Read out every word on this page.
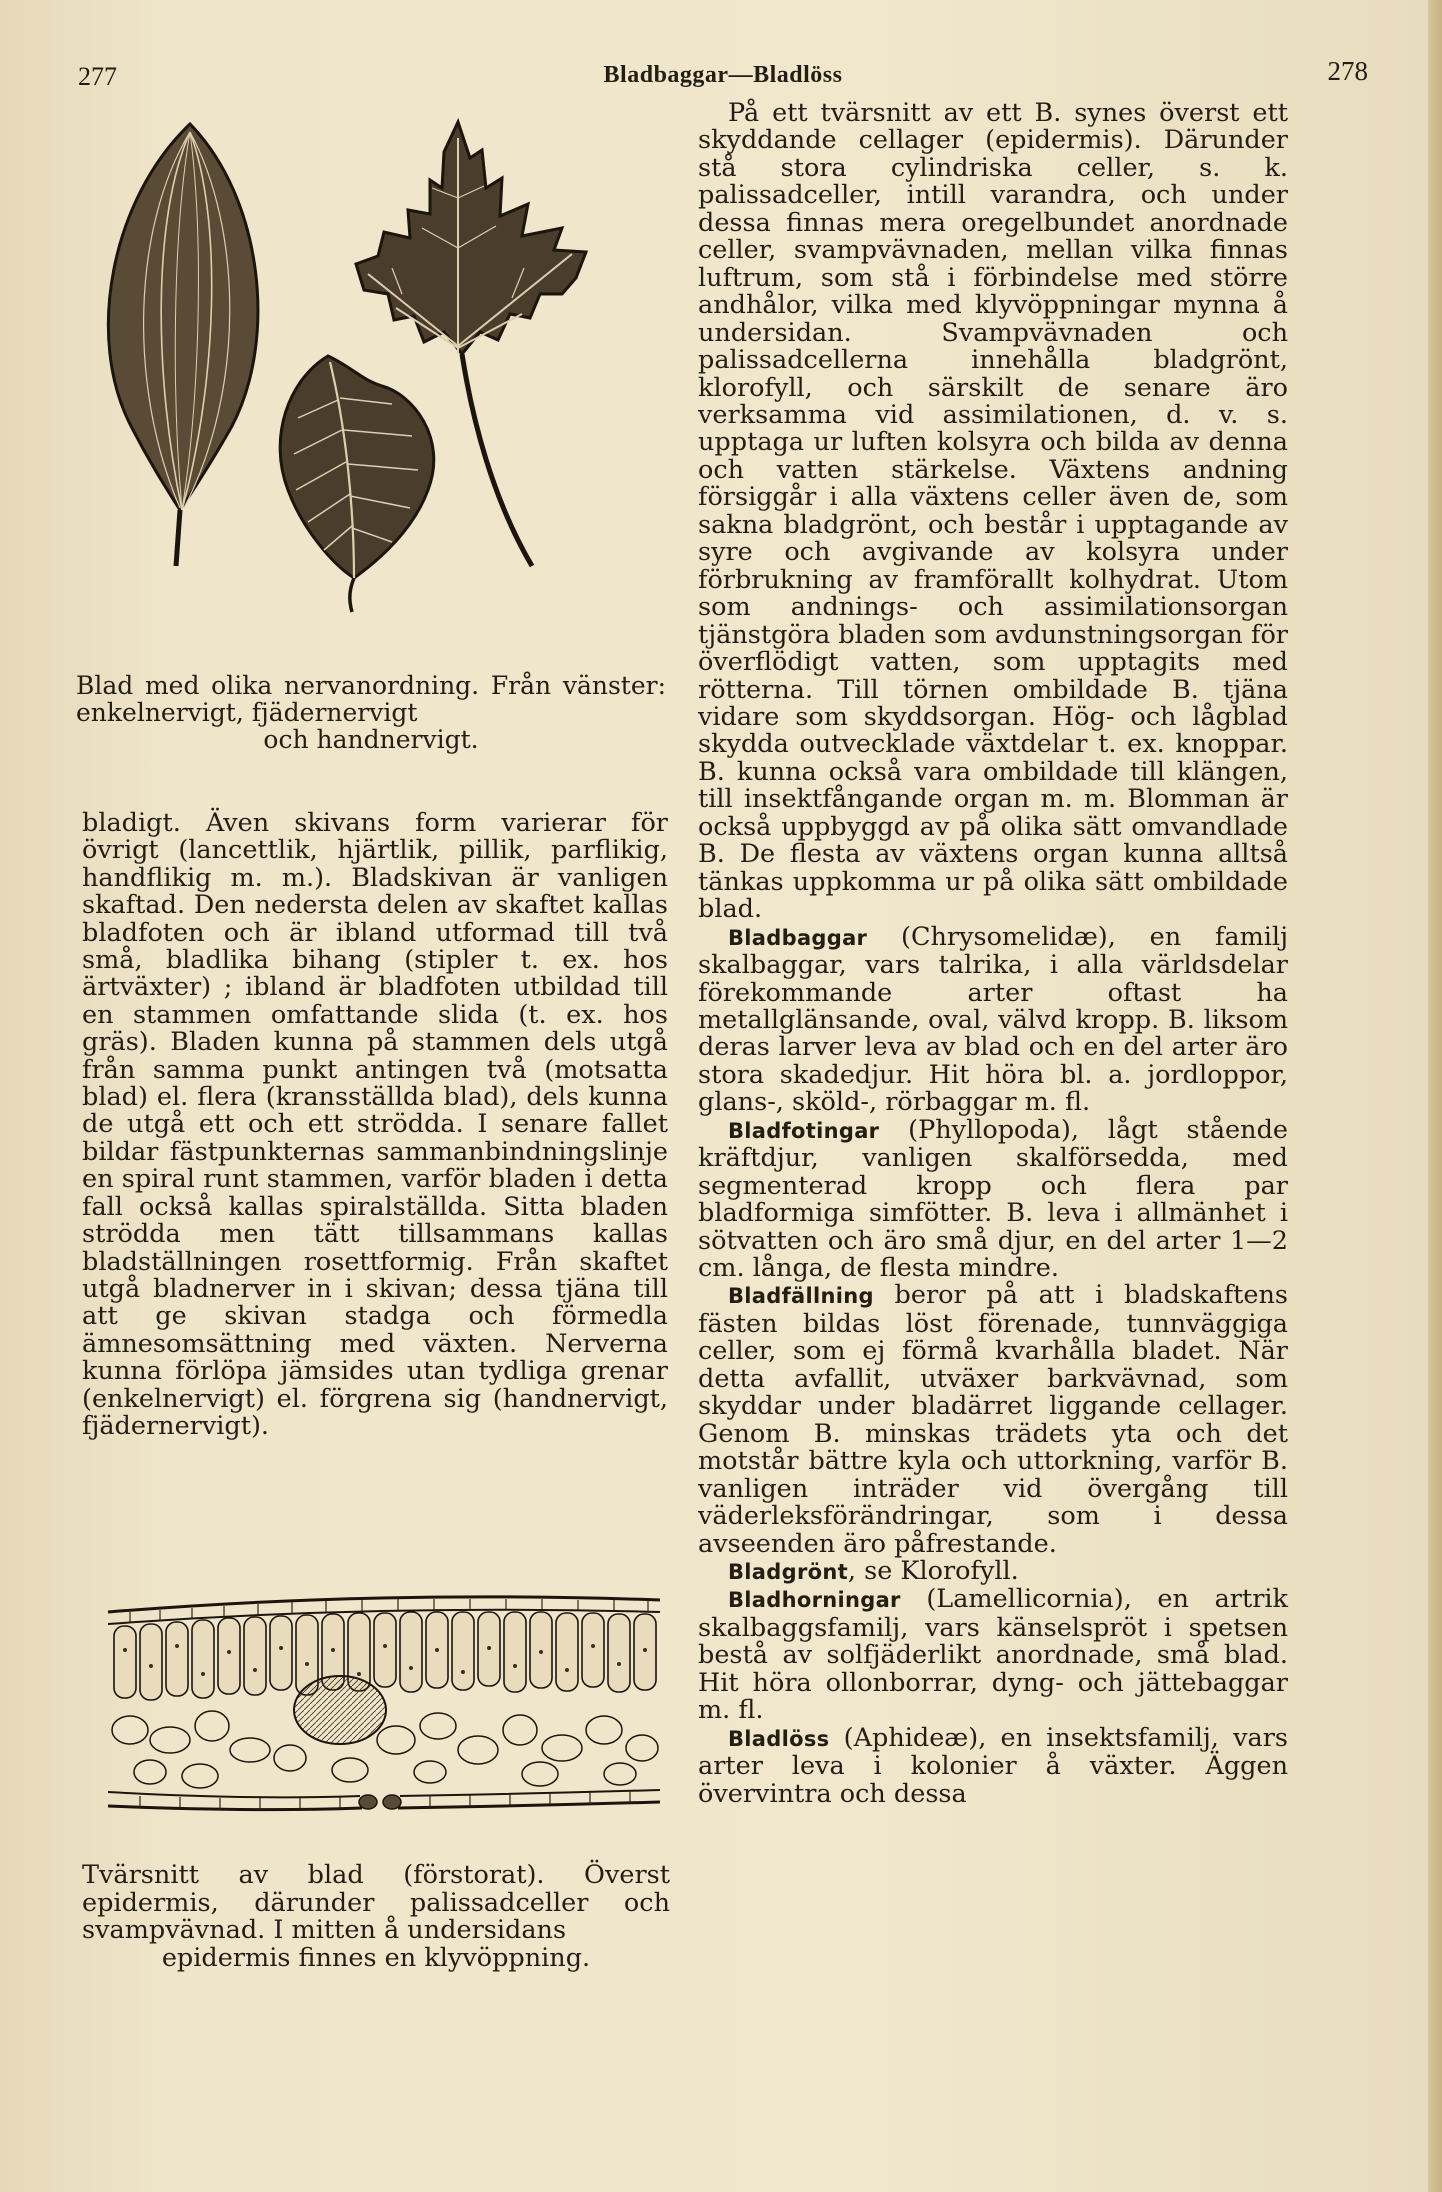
277	Bladbaggar—Bladlöss	278

Blad med olika nervanordning. Från vänster: enkelnervigt, fjädernervigt

och handnervigt.

bladigt. Även skivans form varierar för övrigt (lancettlik, hjärtlik, pillik, parflikig, handflikig m. m.). Bladskivan är vanligen skaftad. Den nedersta delen av skaftet kallas bladfoten och är ibland utformad till två små, bladlika bihang (stipler t. ex. hos ärtväxter) ; ibland är bladfoten utbildad till en stammen omfattande slida (t. ex. hos gräs). Bladen kunna på stammen dels utgå från samma punkt antingen två (motsatta blad) el. flera (kransställda blad), dels kunna de utgå ett och ett strödda. I senare fallet bildar fästpunkternas sammanbindningslinje en spiral runt stammen, varför bladen i detta fall också kallas spiralställda. Sitta bladen strödda men tätt tillsammans kallas bladställningen rosettformig. Från skaftet utgå bladnerver in i skivan; dessa tjäna till att ge skivan stadga och förmedla ämnesomsättning med växten. Nerverna kunna förlöpa jämsides utan tydliga grenar (enkelnervigt) el. förgrena sig (handnervigt, fjädernervigt).

Tvärsnitt av blad (förstorat). Överst epidermis, därunder palissadceller och svampvävnad. I mitten å undersidans

epidermis finnes en klyvöppning.

På ett tvärsnitt av ett B. synes överst ett skyddande cellager (epidermis). Därunder stå stora cylindriska celler, s. k. palissadceller, intill varandra, och under dessa finnas mera oregelbundet anordnade celler, svampvävnaden, mellan vilka finnas luftrum, som stå i förbindelse med större andhålor, vilka med klyvöppningar mynna å undersidan. Svampvävnaden och palissadcellerna innehålla bladgrönt, klorofyll, och särskilt de senare äro verksamma vid assimilationen, d. v. s. upptaga ur luften kolsyra och bilda av denna och vatten stärkelse. Växtens andning försiggår i alla växtens celler även de, som sakna bladgrönt, och består i upptagande av syre och avgivande av kolsyra under förbrukning av framförallt kolhydrat. Utom som andnings- och assimilationsorgan tjänstgöra bladen som avdunstningsorgan för överflödigt vatten, som upptagits med rötterna. Till törnen ombildade B. tjäna vidare som skyddsorgan. Hög- och lågblad skydda outvecklade växtdelar t. ex. knoppar. B. kunna också vara ombildade till klängen, till insektfångande organ m. m. Blomman är också uppbyggd av på olika sätt omvandlade B. De flesta av växtens organ kunna alltså tänkas uppkomma ur på olika sätt ombildade blad.

Bladbaggar (Chrysomelidæ), en familj skalbaggar, vars talrika, i alla världsdelar förekommande arter oftast ha metallglänsande, oval, välvd kropp. B. liksom deras larver leva av blad och en del arter äro stora skadedjur. Hit höra bl. a. jordloppor, glans-, sköld-, rörbaggar m. fl.

Bladfotingar (Phyllopoda), lågt stående kräftdjur, vanligen skalförsedda, med segmenterad kropp och flera par bladformiga simfötter. B. leva i allmänhet i sötvatten och äro små djur, en del arter 1—2 cm. långa, de flesta mindre.

Bladfällning beror på att i bladskaftens fästen bildas löst förenade, tunnväggiga celler, som ej förmå kvarhålla bladet. När detta avfallit, utväxer barkvävnad, som skyddar under bladärret liggande cellager. Genom B. minskas trädets yta och det motstår bättre kyla och uttorkning, varför B. vanligen inträder vid övergång till väderleksförändringar, som i dessa avseenden äro påfrestande.

Bladgrönt, se Klorofyll.

Bladhorningar (Lamellicornia), en artrik skalbaggsfamilj, vars känselspröt i spetsen bestå av solfjäderlikt anordnade, små blad. Hit höra ollonborrar, dyng- och jättebaggar m. fl.

Bladlöss (Aphideæ), en insektsfamilj, vars arter leva i kolonier å växter. Äggen övervintra och dessa
